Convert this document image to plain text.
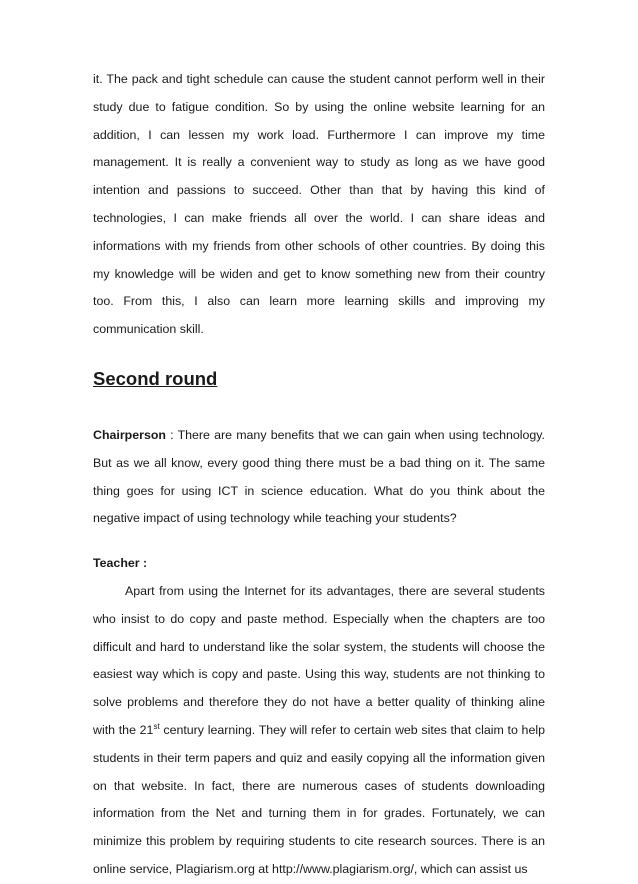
it. The pack and tight schedule can cause the student cannot perform well in their study due to fatigue condition. So by using the online website learning for an addition, I can lessen my work load. Furthermore I can improve my time management. It is really a convenient way to study as long as we have good intention and passions to succeed. Other than that by having this kind of technologies, I can make friends all over the world. I can share ideas and informations with my friends from other schools of other countries. By doing this my knowledge will be widen and get to know something new from their country too. From this, I also can learn more learning skills and improving my communication skill.

Second round

Chairperson : There are many benefits that we can gain when using technology. But as we all know, every good thing there must be a bad thing on it. The same thing goes for using ICT in science education. What do you think about the negative impact of using technology while teaching your students?

Teacher :

Apart from using the Internet for its advantages, there are several students who insist to do copy and paste method. Especially when the chapters are too difficult and hard to understand like the solar system, the students will choose the easiest way which is copy and paste. Using this way, students are not thinking to solve problems and therefore they do not have a better quality of thinking aline with the 21st century learning. They will refer to certain web sites that claim to help students in their term papers and quiz and easily copying all the information given on that website. In fact, there are numerous cases of students downloading information from the Net and turning them in for grades. Fortunately, we can minimize this problem by requiring students to cite research sources. There is an online service, Plagiarism.org at http://www.plagiarism.org/, which can assist us
